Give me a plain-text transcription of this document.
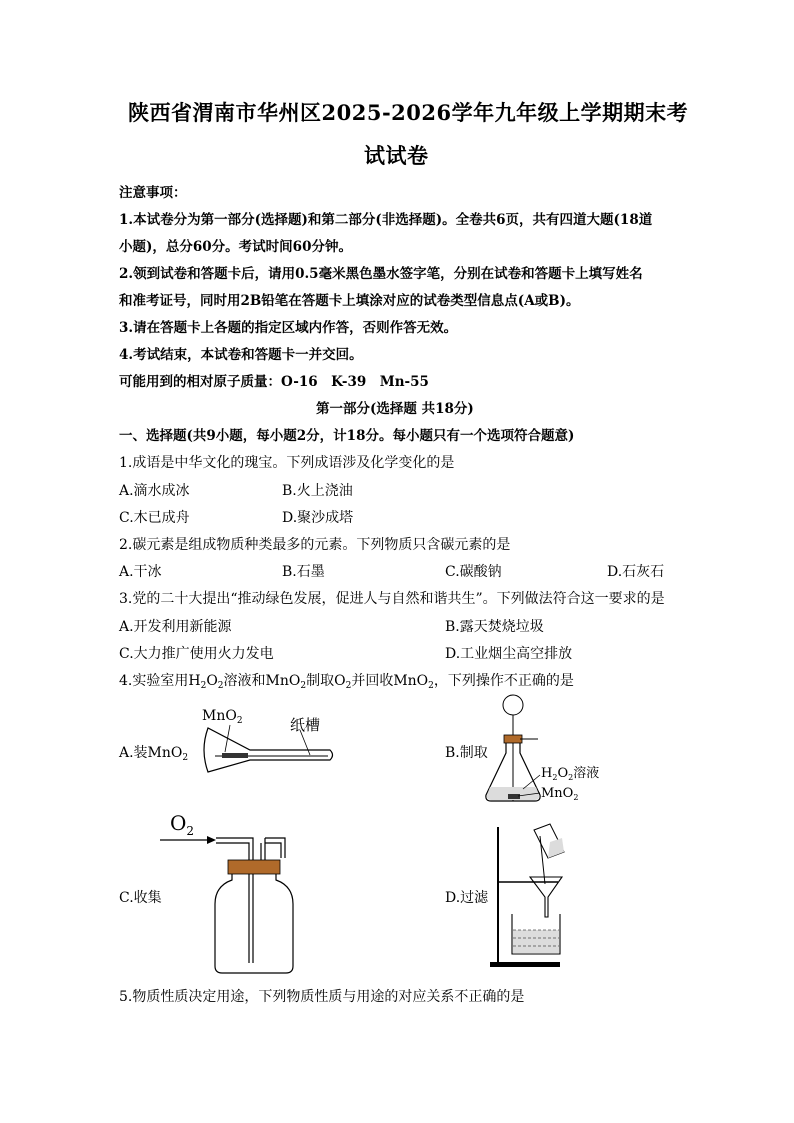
陕西省渭南市华州区2025-2026学年九年级上学期期末考
试试卷
注意事项：
1.本试卷分为第一部分(选择题)和第二部分(非选择题)。全卷共6页，共有四道大题(18道
小题)，总分60分。考试时间60分钟。
2.领到试卷和答题卡后，请用0.5毫米黑色墨水签字笔，分别在试卷和答题卡上填写姓名
和准考证号，同时用2B铅笔在答题卡上填涂对应的试卷类型信息点(A或B)。
3.请在答题卡上各题的指定区域内作答，否则作答无效。
4.考试结束，本试卷和答题卡一并交回。
可能用到的相对原子质量：O-16　K-39　Mn-55
第一部分(选择题 共18分)
一、选择题(共9小题，每小题2分，计18分。每小题只有一个选项符合题意)
1.成语是中华文化的瑰宝。下列成语涉及化学变化的是
A.滴水成冰	B.火上浇油
C.木已成舟	D.聚沙成塔
2.碳元素是组成物质种类最多的元素。下列物质只含碳元素的是
A.干冰	B.石墨	C.碳酸钠	D.石灰石
3.党的二十大提出“推动绿色发展，促进人与自然和谐共生”。下列做法符合这一要求的是
A.开发利用新能源	B.露天焚烧垃圾
C.大力推广使用火力发电	D.工业烟尘高空排放
4.实验室用$H_2O_2$溶液和MnO$_2$制取$O_2$并回收MnO$_2$，下列操作不正确的是
A.装MnO$_2$	B.制取
C.收集	D.过滤
MnO$_2$	纸槽
$H_2O_2$溶液
MnO$_2$
$O_2$
5.物质性质决定用途，下列物质性质与用途的对应关系不正确的是
